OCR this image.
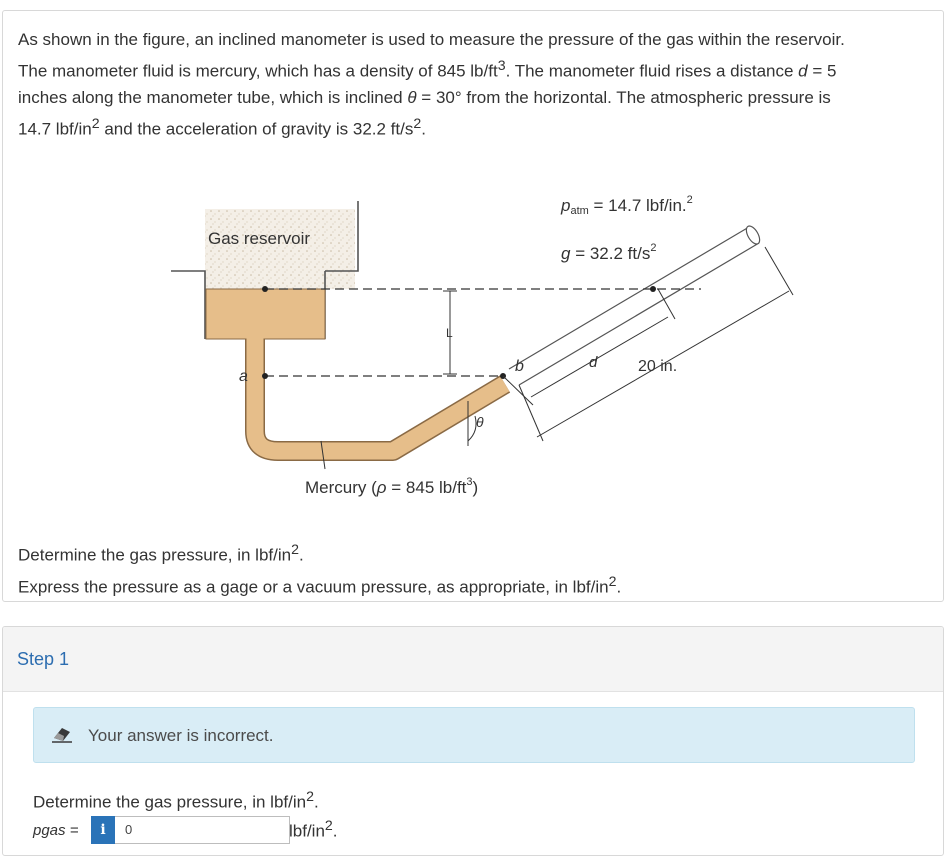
As shown in the figure, an inclined manometer is used to measure the pressure of the gas within the reservoir.
The manometer fluid is mercury, which has a density of 845 $lb/ft^3$. The manometer fluid rises a distance d = 5
inches along the manometer tube, which is inclined θ = 30° from the horizontal. The atmospheric pressure is
14.7 lbf/$in^2$ and the acceleration of gravity is 32.2 $ft/s^2$.
L
θ
d	20 in.
Gas reservoir
patm = 14.7 lbf/in.$^2$
g = 32.2 $ft/s^2$
a
b
Mercury (ρ = 845 $lb/ft^3$)
Determine the gas pressure, in lbf/$in^2$.
Express the pressure as a gage or a vacuum pressure, as appropriate, in lbf/$in^2$.
Step 1
Your answer is incorrect.
Determine the gas pressure, in lbf/$in^2$.
pgas =	i
0	lbf/$in^2$.
